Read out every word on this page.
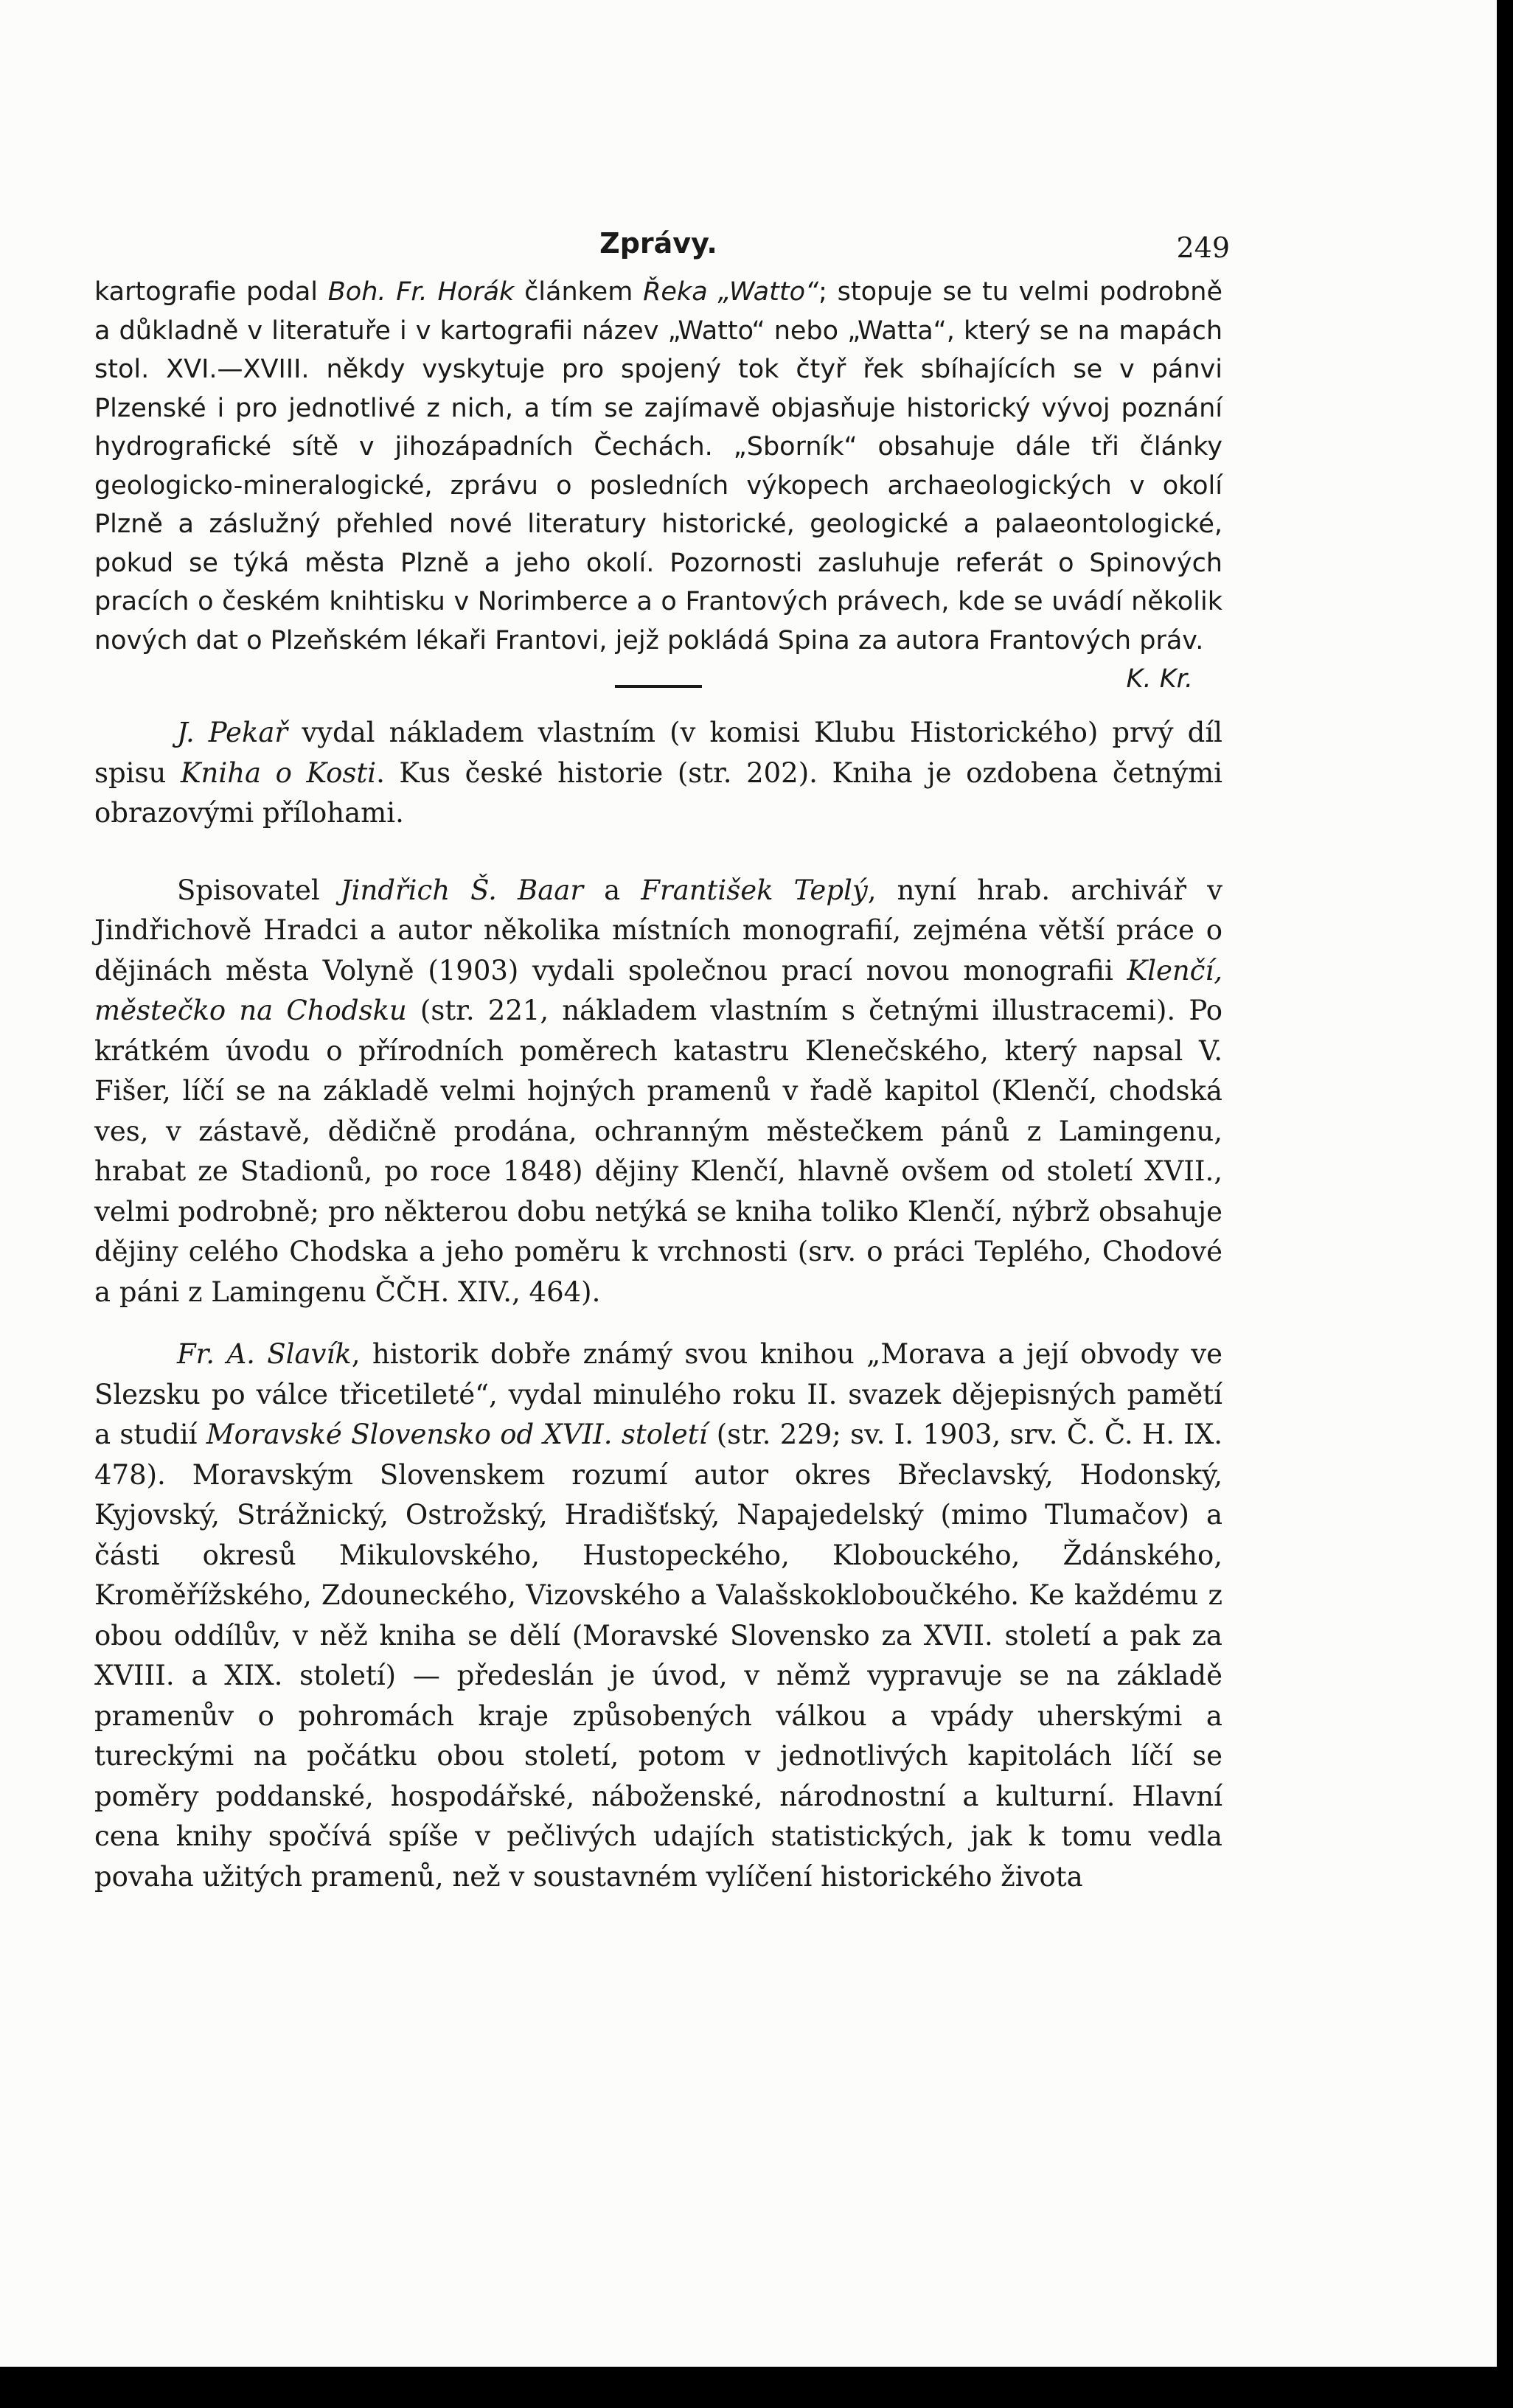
Zprávy.	249

kartografie podal Boh. Fr. Horák článkem Řeka „Watto“; stopuje se tu velmi podrobně a důkladně v literatuře i v kartografii název „Watto“ nebo „Watta“, který se na mapách stol. XVI.—XVIII. někdy vyskytuje pro spojený tok čtyř řek sbíhajících se v pánvi Plzenské i pro jednotlivé z nich, a tím se zajímavě objasňuje historický vývoj poznání hydrografické sítě v jihozápadních Čechách. „Sborník“ obsahuje dále tři články geologicko-mineralogické, zprávu o posledních výkopech archaeologických v okolí Plzně a záslužný přehled nové literatury historické, geologické a palaeontologické, pokud se týká města Plzně a jeho okolí. Pozornosti zasluhuje referát o Spinových pracích o českém knihtisku v Norimberce a o Frantových právech, kde se uvádí několik nových dat o Plzeňském lékaři Frantovi, jejž pokládá Spina za autora Frantových práv.
K. Kr.

J. Pekař vydal nákladem vlastním (v komisi Klubu Historického) prvý díl spisu Kniha o Kosti. Kus české historie (str. 202). Kniha je ozdobena četnými obrazovými přílohami.

Spisovatel Jindřich Š. Baar a František Teplý, nyní hrab. archivář v Jindřichově Hradci a autor několika místních monografií, zejména větší práce o dějinách města Volyně (1903) vydali společnou prací novou monografii Klenčí, městečko na Chodsku (str. 221, nákladem vlastním s četnými illustracemi). Po krátkém úvodu o přírodních poměrech katastru Klenečského, který napsal V. Fišer, líčí se na základě velmi hojných pramenů v řadě kapitol (Klenčí, chodská ves, v zástavě, dědičně prodána, ochranným městečkem pánů z Lamingenu, hrabat ze Stadionů, po roce 1848) dějiny Klenčí, hlavně ovšem od století XVII., velmi podrobně; pro některou dobu netýká se kniha toliko Klenčí, nýbrž obsahuje dějiny celého Chodska a jeho poměru k vrchnosti (srv. o práci Teplého, Chodové a páni z Lamingenu ČČH. XIV., 464).

Fr. A. Slavík, historik dobře známý svou knihou „Morava a její obvody ve Slezsku po válce třicetileté“, vydal minulého roku II. svazek dějepisných pamětí a studií Moravské Slovensko od XVII. století (str. 229; sv. I. 1903, srv. Č. Č. H. IX. 478). Moravským Slovenskem rozumí autor okres Břeclavský, Hodonský, Kyjovský, Strážnický, Ostrožský, Hradišťský, Napajedelský (mimo Tlumačov) a části okresů Mikulovského, Hustopeckého, Klobouckého, Ždánského, Kroměřížského, Zdouneckého, Vizovského a Valašskokloboučkého. Ke každému z obou oddílův, v něž kniha se dělí (Moravské Slovensko za XVII. století a pak za XVIII. a XIX. století) — předeslán je úvod, v němž vypravuje se na základě pramenův o pohromách kraje způsobených válkou a vpády uherskými a tureckými na počátku obou století, potom v jednotlivých kapitolách líčí se poměry poddanské, hospodářské, náboženské, národnostní a kulturní. Hlavní cena knihy spočívá spíše v pečlivých udajích statistických, jak k tomu vedla povaha užitých pramenů, než v soustavném vylíčení historického života
